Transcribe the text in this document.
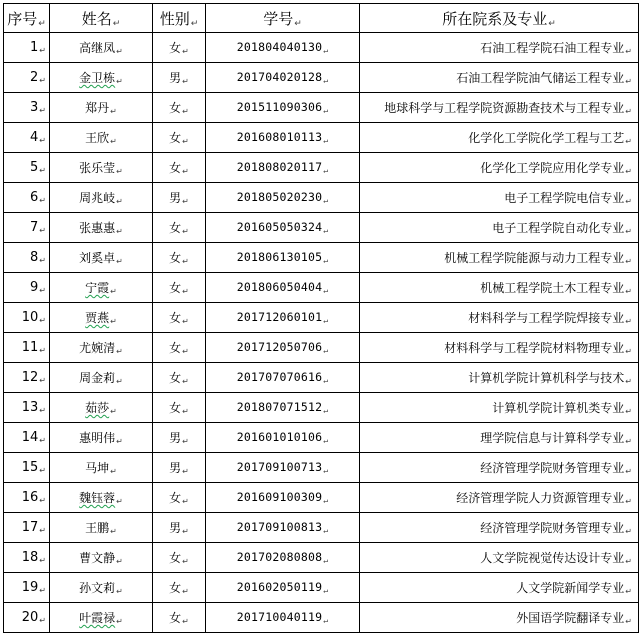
序号↵	姓名↵	性别↵	学号↵	所在院系及专业↵
1↵	高继凤↵	女↵	201804040130↵	石油工程学院石油工程专业↵
2↵	金卫栋↵	男↵	201704020128↵	石油工程学院油气储运工程专业↵
3↵	郑丹↵	女↵	201511090306↵	地球科学与工程学院资源勘查技术与工程专业↵
4↵	王欣↵	女↵	201608010113↵	化学化工学院化学工程与工艺↵
5↵	张乐莹↵	女↵	201808020117↵	化学化工学院应用化学专业↵
6↵	周兆岐↵	男↵	201805020230↵	电子工程学院电信专业↵
7↵	张惠惠↵	女↵	201605050324↵	电子工程学院自动化专业↵
8↵	刘奚卓↵	女↵	201806130105↵	机械工程学院能源与动力工程专业↵
9↵	宁霞↵	女↵	201806050404↵	机械工程学院土木工程专业↵
10↵	贾燕↵	女↵	201712060101↵	材料科学与工程学院焊接专业↵
11↵	尤婉清↵	女↵	201712050706↵	材料科学与工程学院材料物理专业↵
12↵	周金莉↵	女↵	201707070616↵	计算机学院计算机科学与技术↵
13↵	茹莎↵	女↵	201807071512↵	计算机学院计算机类专业↵
14↵	惠明伟↵	男↵	201601010106↵	理学院信息与计算科学专业↵
15↵	马坤↵	男↵	201709100713↵	经济管理学院财务管理专业↵
16↵	魏钰蓉↵	女↵	201609100309↵	经济管理学院人力资源管理专业↵
17↵	王鹏↵	男↵	201709100813↵	经济管理学院财务管理专业↵
18↵	曹文静↵	女↵	201702080808↵	人文学院视觉传达设计专业↵
19↵	孙文莉↵	女↵	201602050119↵	人文学院新闻学专业↵
20↵	叶霞禄↵	女↵	201710040119↵	外国语学院翻译专业↵
